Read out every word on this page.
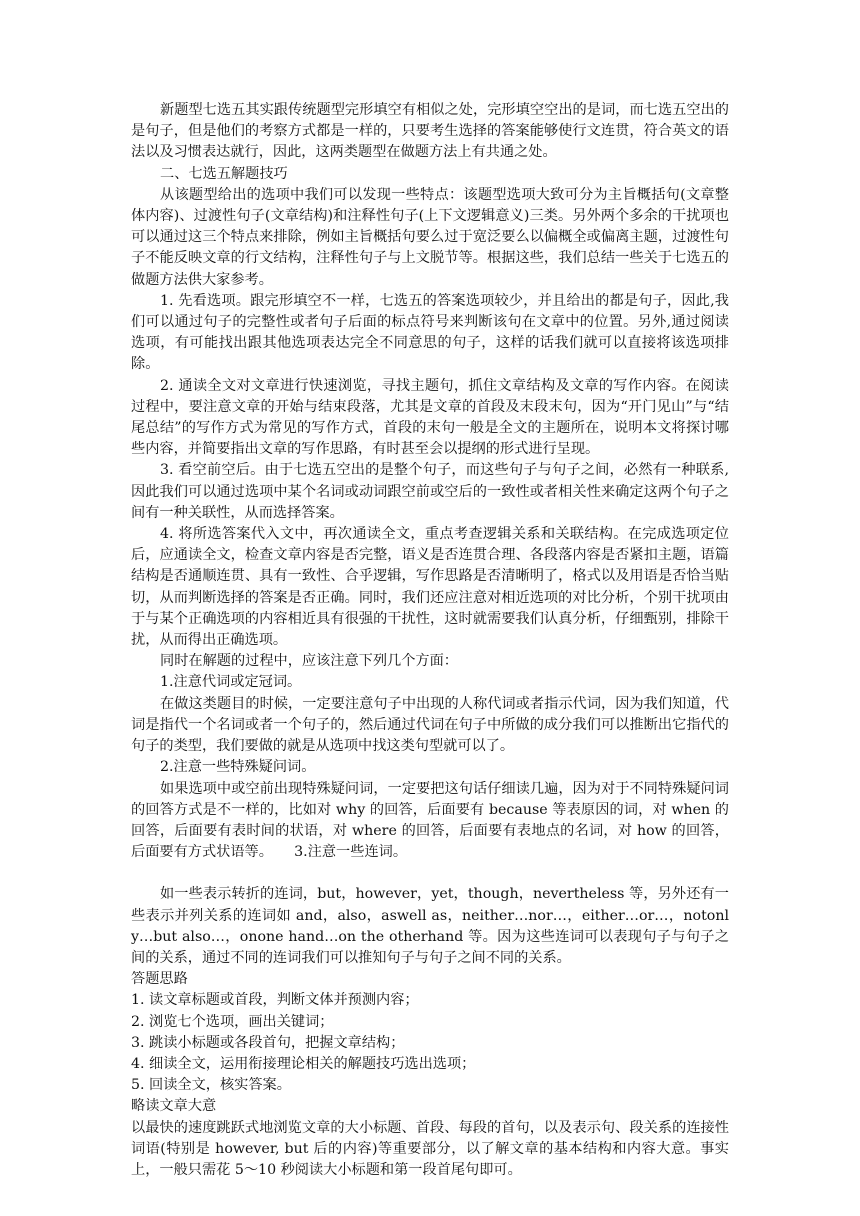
新题型七选五其实跟传统题型完形填空有相似之处，完形填空空出的是词，而七选五空出的是句子，但是他们的考察方式都是一样的，只要考生选择的答案能够使行文连贯，符合英文的语法以及习惯表达就行，因此，这两类题型在做题方法上有共通之处。

二、七选五解题技巧

从该题型给出的选项中我们可以发现一些特点：该题型选项大致可分为主旨概括句(文章整体内容)、过渡性句子(文章结构)和注释性句子(上下文逻辑意义)三类。另外两个多余的干扰项也可以通过这三个特点来排除，例如主旨概括句要么过于宽泛要么以偏概全或偏离主题，过渡性句子不能反映文章的行文结构，注释性句子与上文脱节等。根据这些，我们总结一些关于七选五的做题方法供大家参考。

1. 先看选项。跟完形填空不一样，七选五的答案选项较少，并且给出的都是句子，因此,我们可以通过句子的完整性或者句子后面的标点符号来判断该句在文章中的位置。另外,通过阅读选项，有可能找出跟其他选项表达完全不同意思的句子，这样的话我们就可以直接将该选项排除。

2. 通读全文对文章进行快速浏览，寻找主题句，抓住文章结构及文章的写作内容。在阅读过程中，要注意文章的开始与结束段落，尤其是文章的首段及末段末句，因为“开门见山”与“结尾总结”的写作方式为常见的写作方式，首段的末句一般是全文的主题所在，说明本文将探讨哪些内容，并简要指出文章的写作思路，有时甚至会以提纲的形式进行呈现。

3. 看空前空后。由于七选五空出的是整个句子，而这些句子与句子之间，必然有一种联系,因此我们可以通过选项中某个名词或动词跟空前或空后的一致性或者相关性来确定这两个句子之间有一种关联性，从而选择答案。

4. 将所选答案代入文中，再次通读全文，重点考查逻辑关系和关联结构。在完成选项定位后，应通读全文，检查文章内容是否完整，语义是否连贯合理、各段落内容是否紧扣主题，语篇结构是否通顺连贯、具有一致性、合乎逻辑，写作思路是否清晰明了，格式以及用语是否恰当贴切，从而判断选择的答案是否正确。同时，我们还应注意对相近选项的对比分析，个别干扰项由于与某个正确选项的内容相近具有很强的干扰性，这时就需要我们认真分析，仔细甄别，排除干扰，从而得出正确选项。

同时在解题的过程中，应该注意下列几个方面：

1.注意代词或定冠词。

在做这类题目的时候，一定要注意句子中出现的人称代词或者指示代词，因为我们知道，代词是指代一个名词或者一个句子的，然后通过代词在句子中所做的成分我们可以推断出它指代的句子的类型，我们要做的就是从选项中找这类句型就可以了。

2.注意一些特殊疑问词。

如果选项中或空前出现特殊疑问词，一定要把这句话仔细读几遍，因为对于不同特殊疑问词的回答方式是不一样的，比如对 why 的回答，后面要有 because 等表原因的词，对 when 的回答，后面要有表时间的状语，对 where 的回答，后面要有表地点的名词，对 how 的回答，后面要有方式状语等。　　3.注意一些连词。

如一些表示转折的连词，but，however，yet，though，nevertheless 等，另外还有一些表示并列关系的连词如 and，also，aswell as，neither…nor…，either…or…，notonly…but also…，onone hand…on the otherhand 等。因为这些连词可以表现句子与句子之间的关系，通过不同的连词我们可以推知句子与句子之间不同的关系。

答题思路

1. 读文章标题或首段，判断文体并预测内容；

2. 浏览七个选项，画出关键词；

3. 跳读小标题或各段首句，把握文章结构；

4. 细读全文，运用衔接理论相关的解题技巧选出选项；

5. 回读全文，核实答案。

略读文章大意

以最快的速度跳跃式地浏览文章的大小标题、首段、每段的首句，以及表示句、段关系的连接性词语(特别是 however, but 后的内容)等重要部分，以了解文章的基本结构和内容大意。事实上，一般只需花 5～10 秒阅读大小标题和第一段首尾句即可。
